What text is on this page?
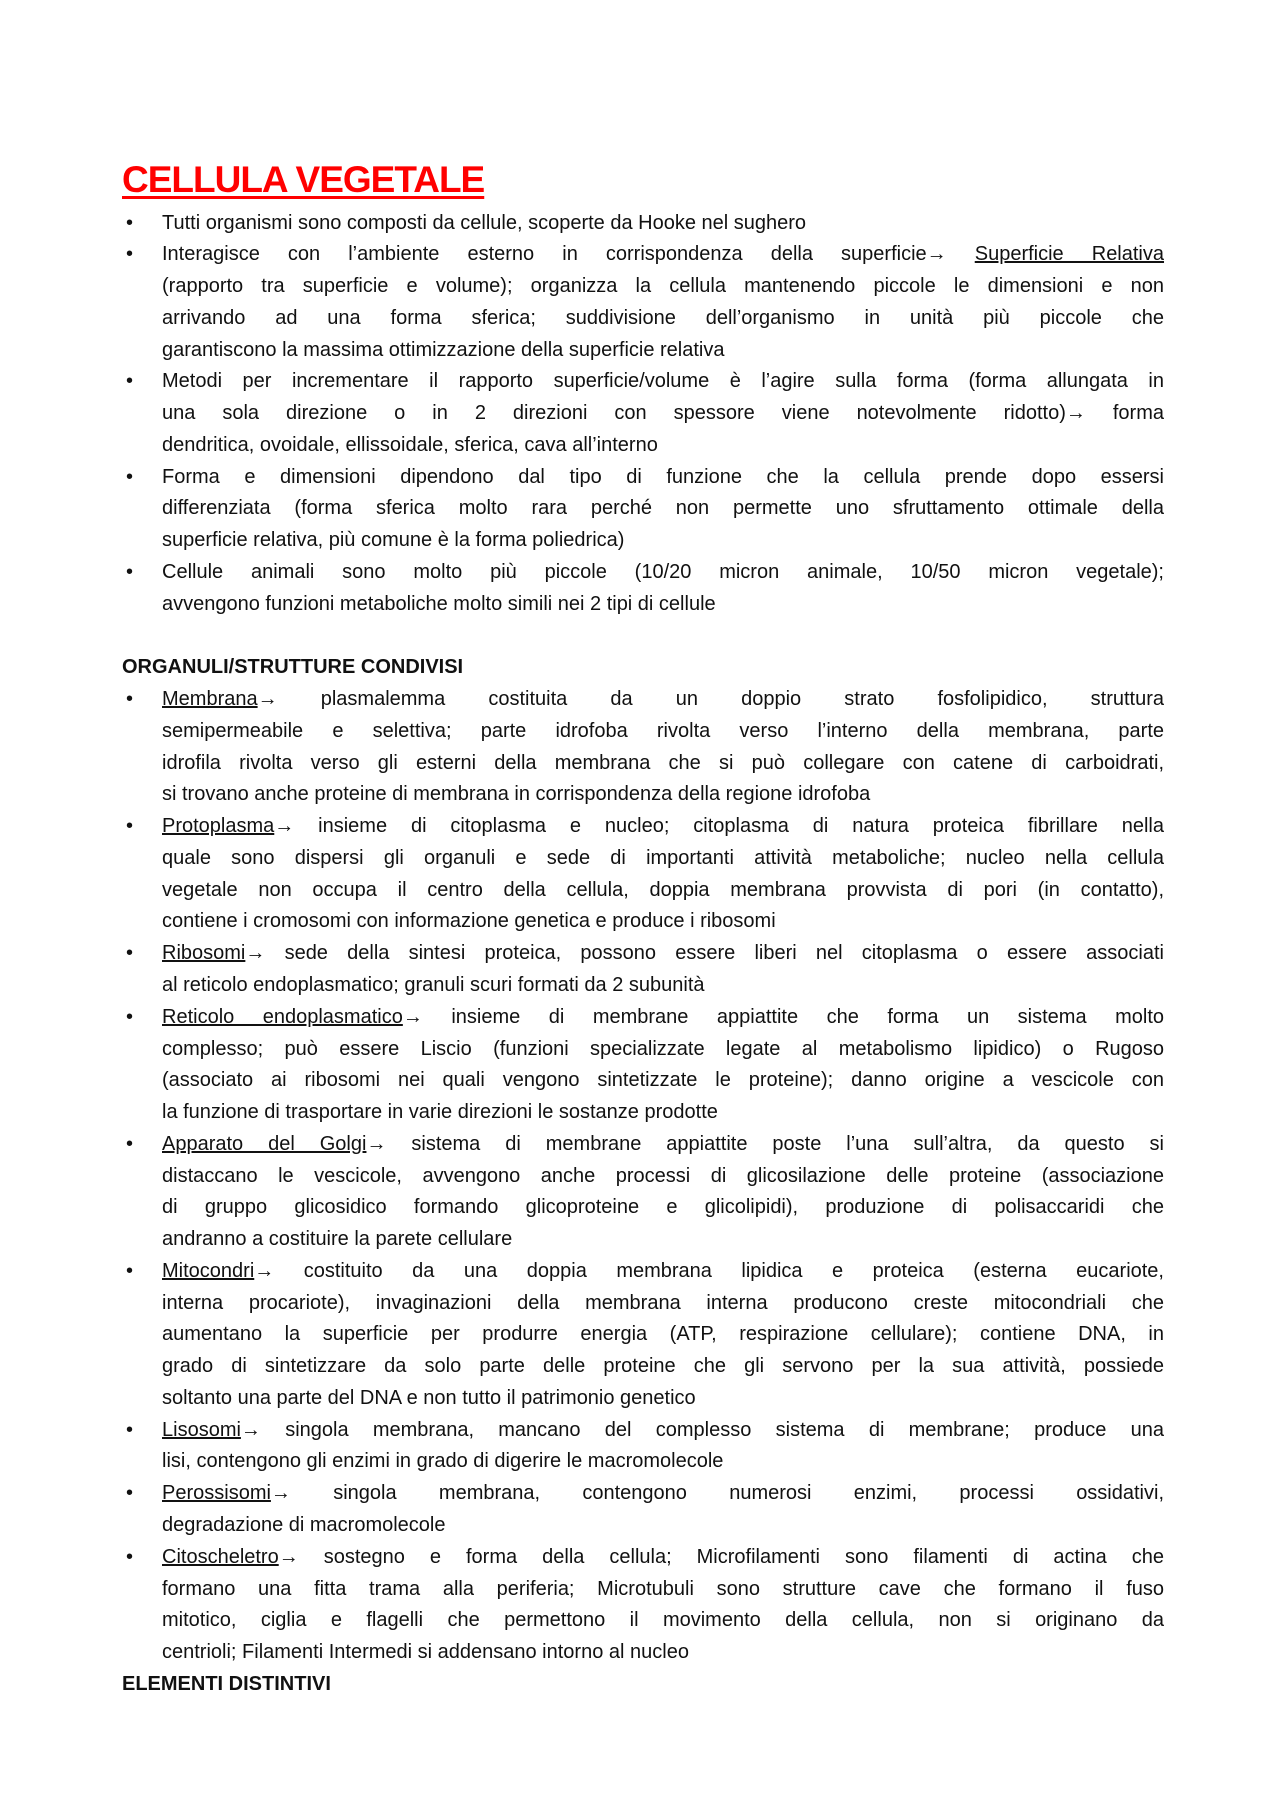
CELLULA VEGETALE
• Tutti organismi sono composti da cellule, scoperte da Hooke nel sughero
• Interagisce con l’ambiente esterno in corrispondenza della superficie→ Superficie Relativa
(rapporto tra superficie e volume); organizza la cellula mantenendo piccole le dimensioni e non
arrivando ad una forma sferica; suddivisione dell’organismo in unità più piccole che
garantiscono la massima ottimizzazione della superficie relativa
• Metodi per incrementare il rapporto superficie/volume è l’agire sulla forma (forma allungata in
una sola direzione o in 2 direzioni con spessore viene notevolmente ridotto)→ forma
dendritica, ovoidale, ellissoidale, sferica, cava all’interno
• Forma e dimensioni dipendono dal tipo di funzione che la cellula prende dopo essersi
differenziata (forma sferica molto rara perché non permette uno sfruttamento ottimale della
superficie relativa, più comune è la forma poliedrica)
• Cellule animali sono molto più piccole (10/20 micron animale, 10/50 micron vegetale);
avvengono funzioni metaboliche molto simili nei 2 tipi di cellule
ORGANULI/STRUTTURE CONDIVISI
• Membrana→ plasmalemma costituita da un doppio strato fosfolipidico, struttura
semipermeabile e selettiva; parte idrofoba rivolta verso l’interno della membrana, parte
idrofila rivolta verso gli esterni della membrana che si può collegare con catene di carboidrati,
si trovano anche proteine di membrana in corrispondenza della regione idrofoba
• Protoplasma→ insieme di citoplasma e nucleo; citoplasma di natura proteica fibrillare nella
quale sono dispersi gli organuli e sede di importanti attività metaboliche; nucleo nella cellula
vegetale non occupa il centro della cellula, doppia membrana provvista di pori (in contatto),
contiene i cromosomi con informazione genetica e produce i ribosomi
• Ribosomi→ sede della sintesi proteica, possono essere liberi nel citoplasma o essere associati
al reticolo endoplasmatico; granuli scuri formati da 2 subunità
• Reticolo endoplasmatico→ insieme di membrane appiattite che forma un sistema molto
complesso; può essere Liscio (funzioni specializzate legate al metabolismo lipidico) o Rugoso
(associato ai ribosomi nei quali vengono sintetizzate le proteine); danno origine a vescicole con
la funzione di trasportare in varie direzioni le sostanze prodotte
• Apparato del Golgi→ sistema di membrane appiattite poste l’una sull’altra, da questo si
distaccano le vescicole, avvengono anche processi di glicosilazione delle proteine (associazione
di gruppo glicosidico formando glicoproteine e glicolipidi), produzione di polisaccaridi che
andranno a costituire la parete cellulare
• Mitocondri→ costituito da una doppia membrana lipidica e proteica (esterna eucariote,
interna procariote), invaginazioni della membrana interna producono creste mitocondriali che
aumentano la superficie per produrre energia (ATP, respirazione cellulare); contiene DNA, in
grado di sintetizzare da solo parte delle proteine che gli servono per la sua attività, possiede
soltanto una parte del DNA e non tutto il patrimonio genetico
• Lisosomi→ singola membrana, mancano del complesso sistema di membrane; produce una
lisi, contengono gli enzimi in grado di digerire le macromolecole
• Perossisomi→ singola membrana, contengono numerosi enzimi, processi ossidativi,
degradazione di macromolecole
• Citoscheletro→ sostegno e forma della cellula; Microfilamenti sono filamenti di actina che
formano una fitta trama alla periferia; Microtubuli sono strutture cave che formano il fuso
mitotico, ciglia e flagelli che permettono il movimento della cellula, non si originano da
centrioli; Filamenti Intermedi si addensano intorno al nucleo
ELEMENTI DISTINTIVI
